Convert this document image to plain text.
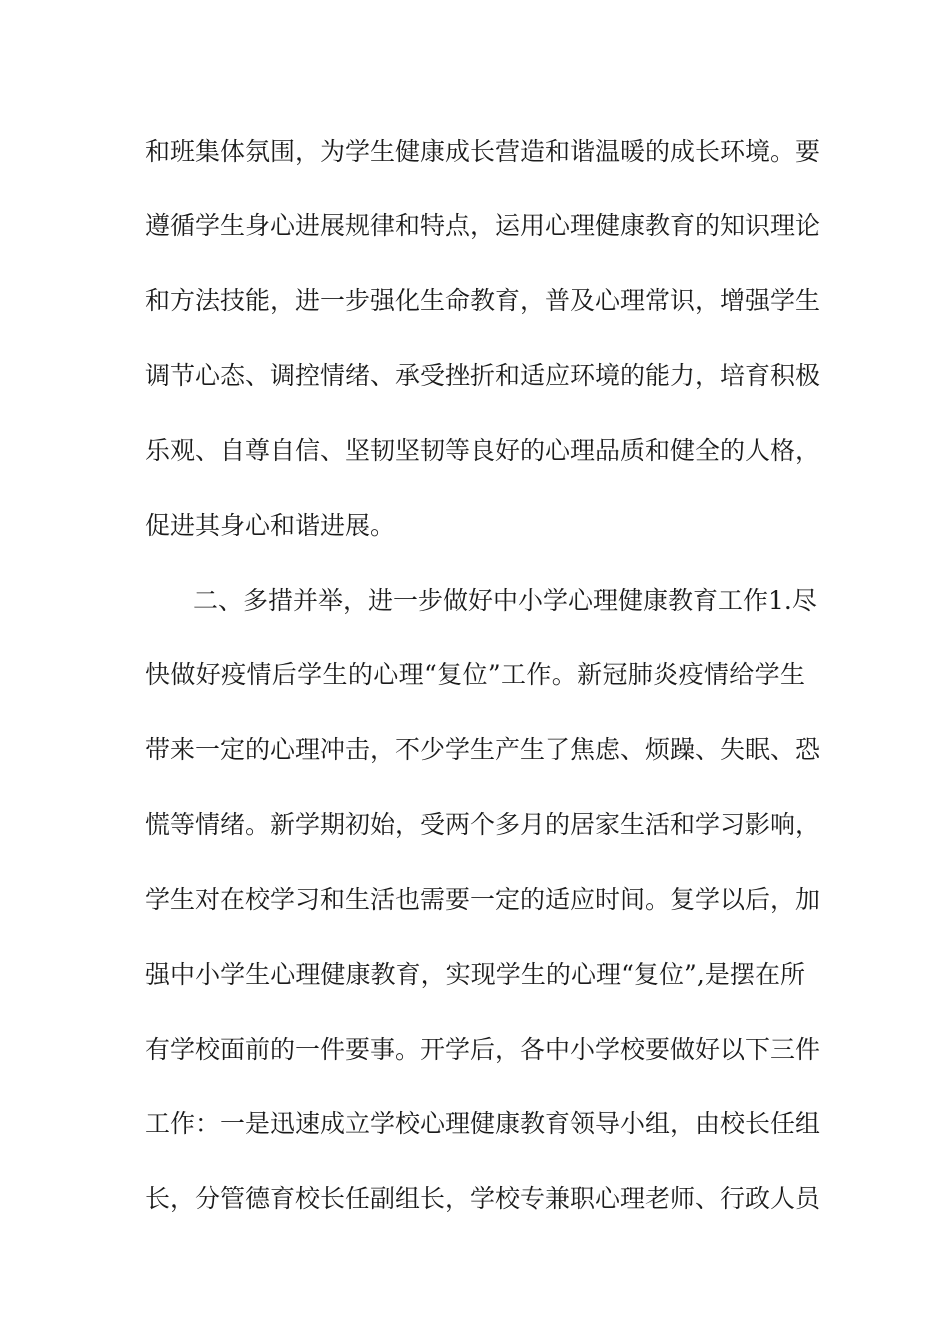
和班集体氛围，为学生健康成长营造和谐温暖的成长环境。要
遵循学生身心进展规律和特点，运用心理健康教育的知识理论
和方法技能，进一步强化生命教育，普及心理常识，增强学生
调节心态、调控情绪、承受挫折和适应环境的能力，培育积极
乐观、自尊自信、坚韧坚韧等良好的心理品质和健全的人格，
促进其身心和谐进展。
二、多措并举，进一步做好中小学心理健康教育工作1.尽
快做好疫情后学生的心理“复位”工作。新冠肺炎疫情给学生
带来一定的心理冲击，不少学生产生了焦虑、烦躁、失眠、恐
慌等情绪。新学期初始，受两个多月的居家生活和学习影响，
学生对在校学习和生活也需要一定的适应时间。复学以后，加
强中小学生心理健康教育，实现学生的心理“复位”,是摆在所
有学校面前的一件要事。开学后，各中小学校要做好以下三件
工作：一是迅速成立学校心理健康教育领导小组，由校长任组
长，分管德育校长任副组长，学校专兼职心理老师、行政人员
